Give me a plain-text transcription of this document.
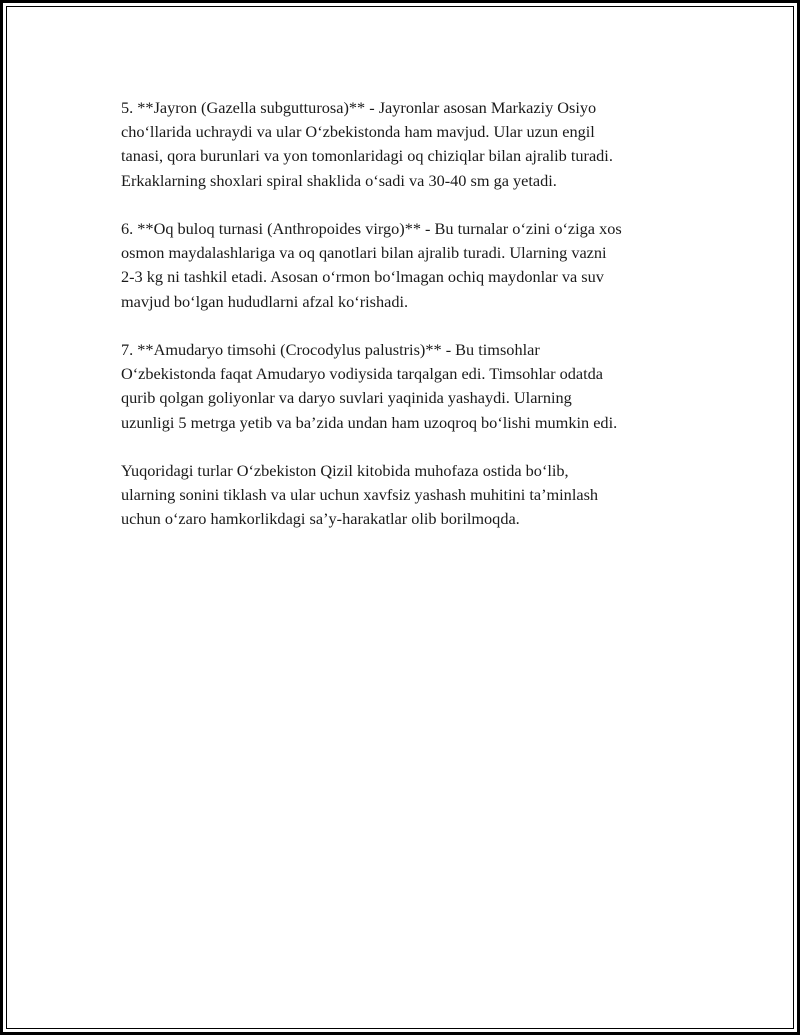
5. **Jayron (Gazella subgutturosa)** - Jayronlar asosan Markaziy Osiyo
cho‘llarida uchraydi va ular O‘zbekistonda ham mavjud. Ular uzun engil
tanasi, qora burunlari va yon tomonlaridagi oq chiziqlar bilan ajralib turadi.
Erkaklarning shoxlari spiral shaklida o‘sadi va 30-40 sm ga yetadi.

6. **Oq buloq turnasi (Anthropoides virgo)** - Bu turnalar o‘zini o‘ziga xos
osmon maydalashlariga va oq qanotlari bilan ajralib turadi. Ularning vazni
2-3 kg ni tashkil etadi. Asosan o‘rmon bo‘lmagan ochiq maydonlar va suv
mavjud bo‘lgan hududlarni afzal ko‘rishadi.

7. **Amudaryo timsohi (Crocodylus palustris)** - Bu timsohlar
O‘zbekistonda faqat Amudaryo vodiysida tarqalgan edi. Timsohlar odatda
qurib qolgan goliyonlar va daryo suvlari yaqinida yashaydi. Ularning
uzunligi 5 metrga yetib va ba’zida undan ham uzoqroq bo‘lishi mumkin edi.

Yuqoridagi turlar O‘zbekiston Qizil kitobida muhofaza ostida bo‘lib,
ularning sonini tiklash va ular uchun xavfsiz yashash muhitini ta’minlash
uchun o‘zaro hamkorlikdagi sa’y-harakatlar olib borilmoqda.
